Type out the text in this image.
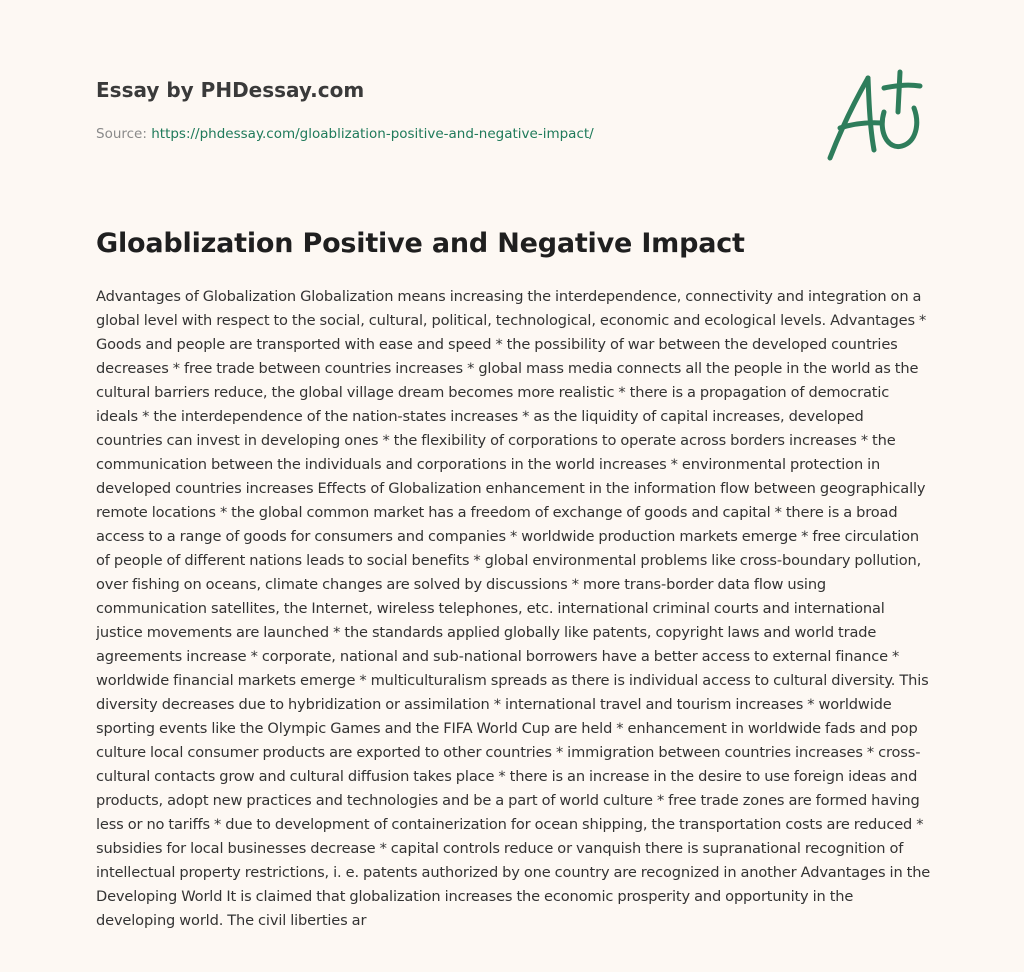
Essay by PHDessay.com
Source: https://phdessay.com/gloablization-positive-and-negative-impact/
Gloablization Positive and Negative Impact

Advantages of Globalization Globalization means increasing the interdependence, connectivity and integration on a global level with respect to the social, cultural, political, technological, economic and ecological levels. Advantages * Goods and people are transported with ease and speed * the possibility of war between the developed countries decreases * free trade between countries increases * global mass media connects all the people in the world as the cultural barriers reduce, the global village dream becomes more realistic * there is a propagation of democratic ideals * the interdependence of the nation-states increases * as the liquidity of capital increases, developed countries can invest in developing ones * the flexibility of corporations to operate across borders increases * the communication between the individuals and corporations in the world increases * environmental protection in developed countries increases Effects of Globalization enhancement in the information flow between geographically remote locations * the global common market has a freedom of exchange of goods and capital * there is a broad access to a range of goods for consumers and companies * worldwide production markets emerge * free circulation of people of different nations leads to social benefits * global environmental problems like cross-boundary pollution, over fishing on oceans, climate changes are solved by discussions * more trans-border data flow using communication satellites, the Internet, wireless telephones, etc. international criminal courts and international justice movements are launched * the standards applied globally like patents, copyright laws and world trade agreements increase * corporate, national and sub-national borrowers have a better access to external finance * worldwide financial markets emerge * multiculturalism spreads as there is individual access to cultural diversity. This diversity decreases due to hybridization or assimilation * international travel and tourism increases * worldwide sporting events like the Olympic Games and the FIFA World Cup are held * enhancement in worldwide fads and pop culture local consumer products are exported to other countries * immigration between countries increases * cross-cultural contacts grow and cultural diffusion takes place * there is an increase in the desire to use foreign ideas and products, adopt new practices and technologies and be a part of world culture * free trade zones are formed having less or no tariffs * due to development of containerization for ocean shipping, the transportation costs are reduced * subsidies for local businesses decrease * capital controls reduce or vanquish there is supranational recognition of intellectual property restrictions, i. e. patents authorized by one country are recognized in another Advantages in the Developing World It is claimed that globalization increases the economic prosperity and opportunity in the developing world. The civil liberties ar
